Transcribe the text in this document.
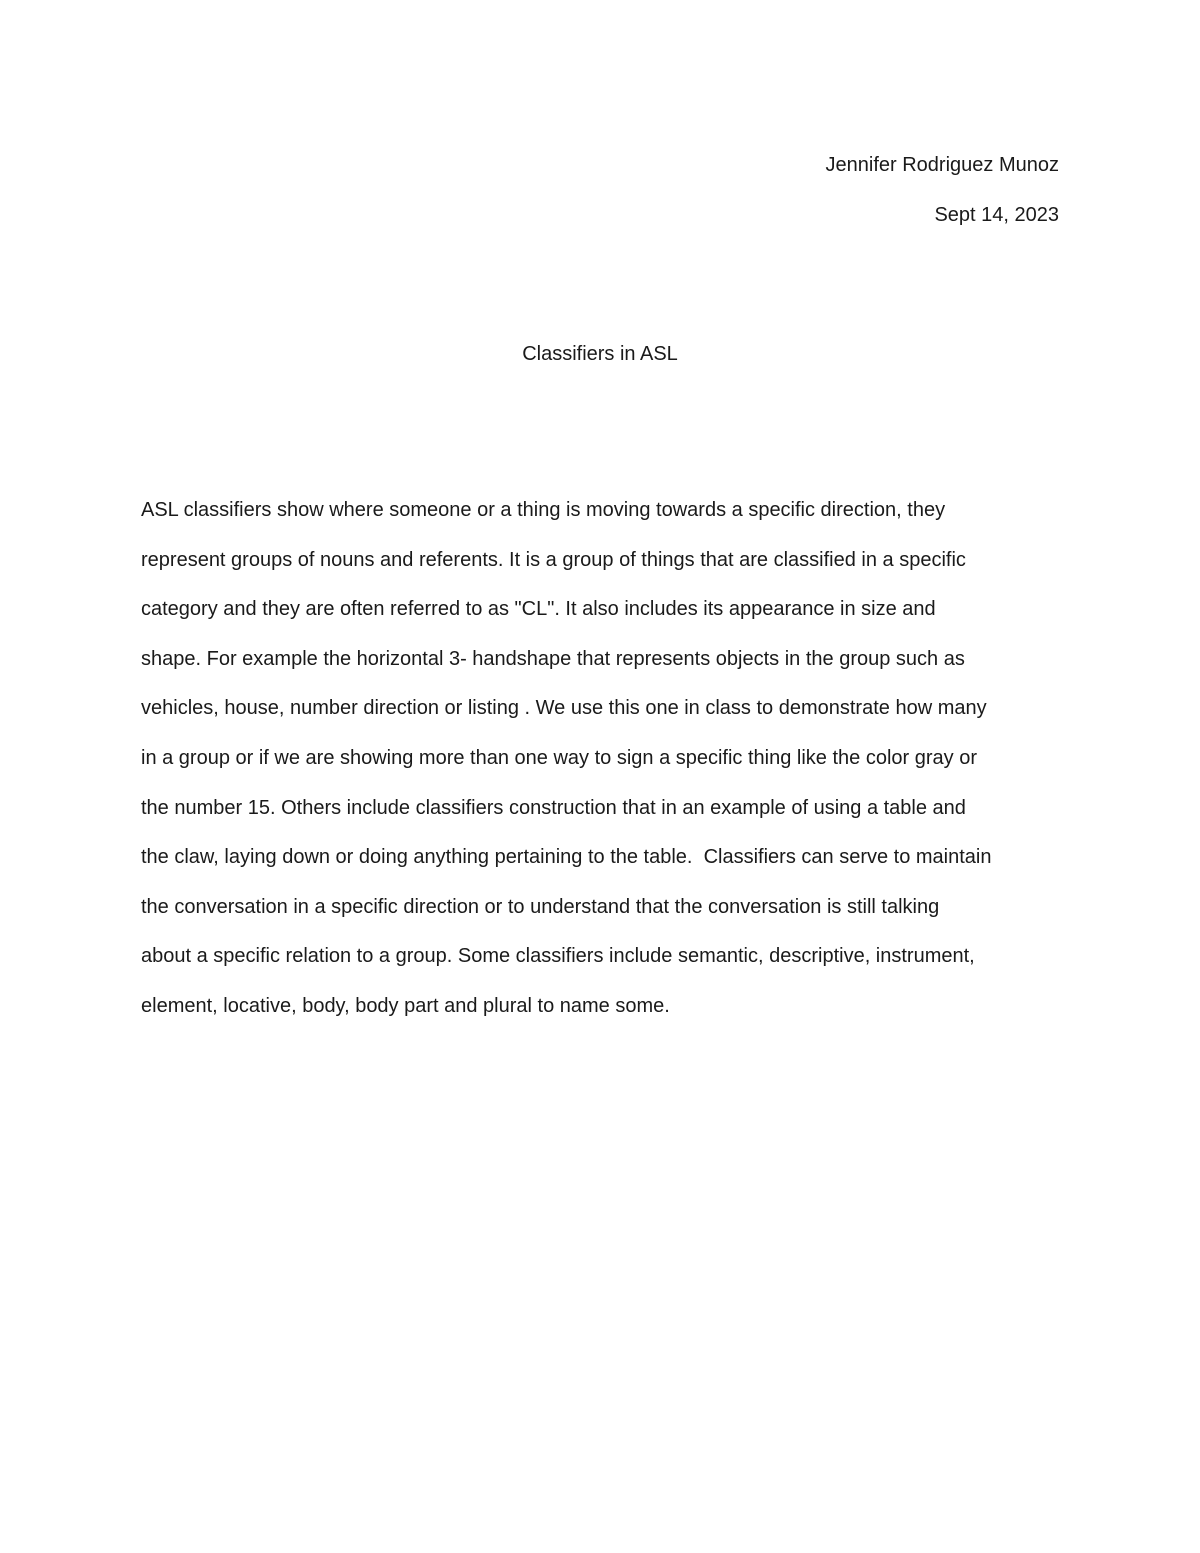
Jennifer Rodriguez Munoz
Sept 14, 2023
Classifiers in ASL
ASL classifiers show where someone or a thing is moving towards a specific direction, they
represent groups of nouns and referents. It is a group of things that are classified in a specific
category and they are often referred to as "CL". It also includes its appearance in size and
shape. For example the horizontal 3- handshape that represents objects in the group such as
vehicles, house, number direction or listing . We use this one in class to demonstrate how many
in a group or if we are showing more than one way to sign a specific thing like the color gray or
the number 15. Others include classifiers construction that in an example of using a table and
the claw, laying down or doing anything pertaining to the table.  Classifiers can serve to maintain
the conversation in a specific direction or to understand that the conversation is still talking
about a specific relation to a group. Some classifiers include semantic, descriptive, instrument,
element, locative, body, body part and plural to name some.
